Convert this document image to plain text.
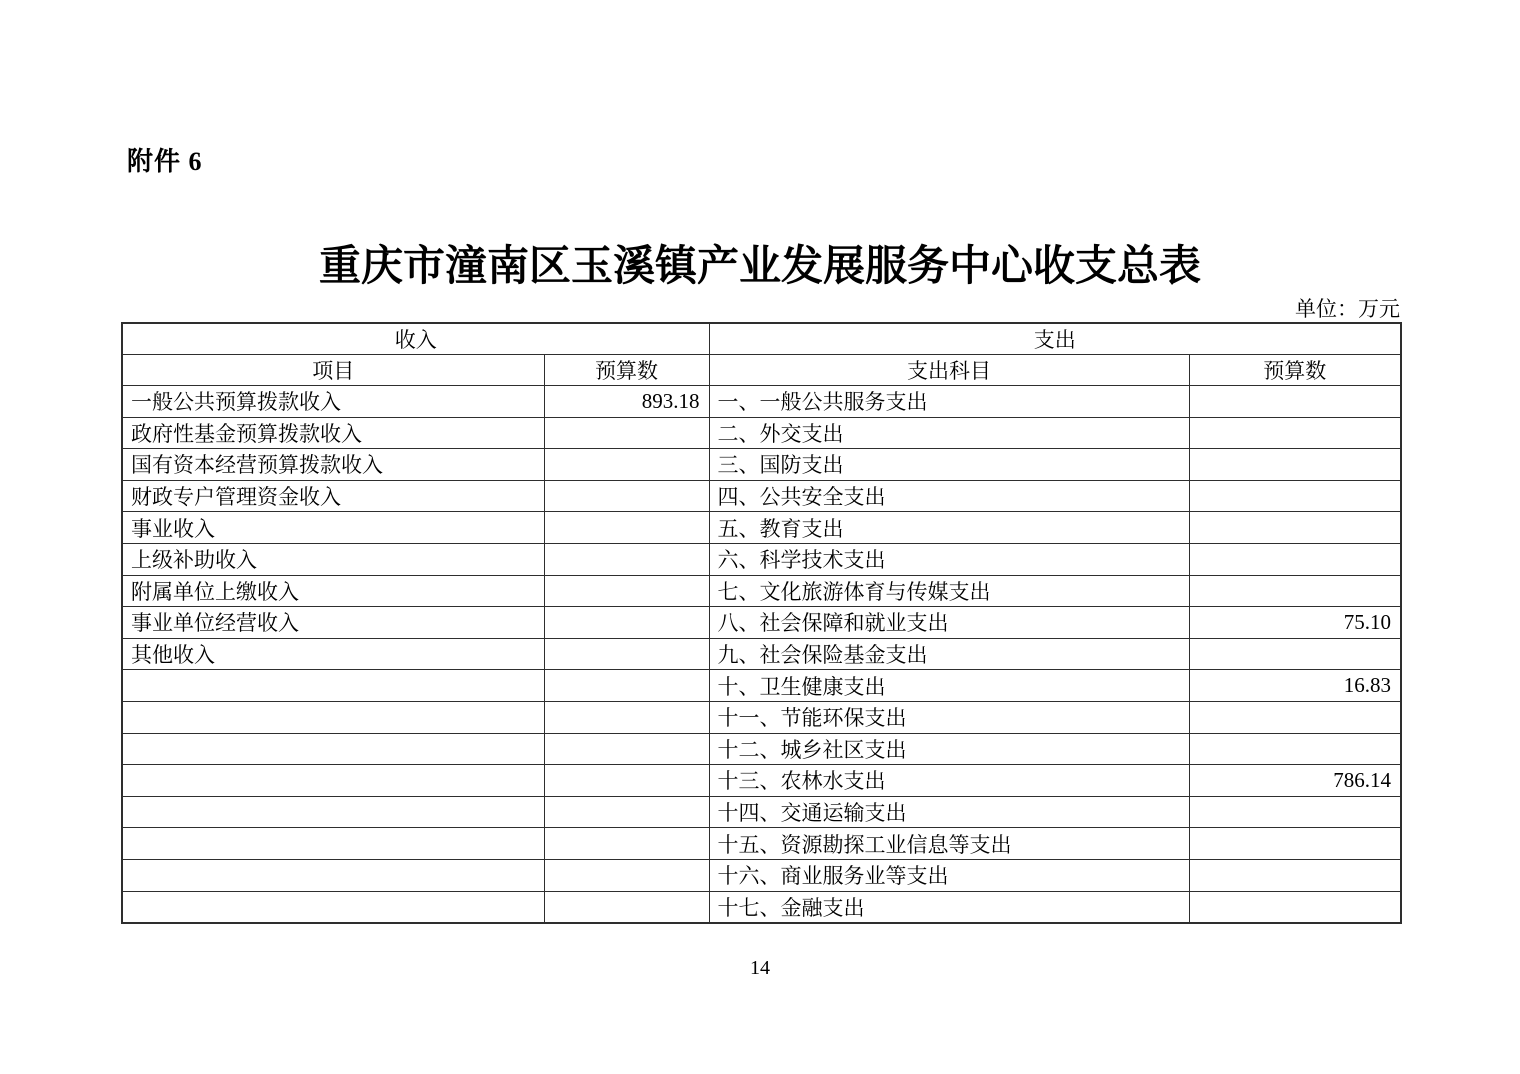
附件 6
重庆市潼南区玉溪镇产业发展服务中心收支总表
单位：万元
收入		支出	
项目	预算数	支出科目	预算数
一般公共预算拨款收入	893.18	一、一般公共服务支出	
政府性基金预算拨款收入		二、外交支出	
国有资本经营预算拨款收入		三、国防支出	
财政专户管理资金收入		四、公共安全支出	
事业收入		五、教育支出	
上级补助收入		六、科学技术支出	
附属单位上缴收入		七、文化旅游体育与传媒支出	
事业单位经营收入		八、社会保障和就业支出	75.10
其他收入		九、社会保险基金支出	
		十、卫生健康支出	16.83
		十一、节能环保支出	
		十二、城乡社区支出	
		十三、农林水支出	786.14
		十四、交通运输支出	
		十五、资源勘探工业信息等支出	
		十六、商业服务业等支出	
		十七、金融支出	
14
